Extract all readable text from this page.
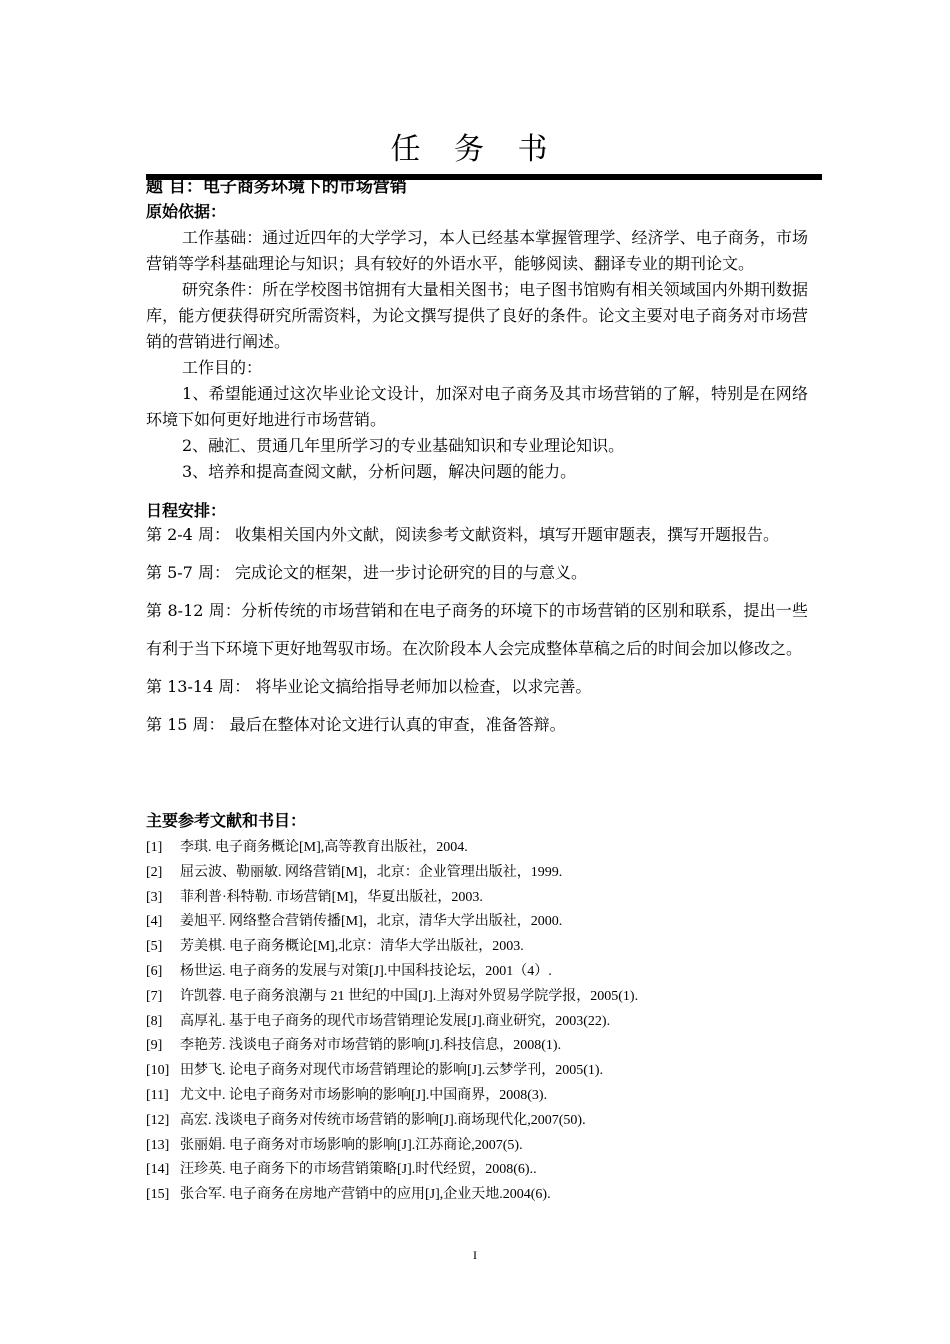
任 务 书
题 目：电子商务环境下的市场营销
原始依据：

工作基础：通过近四年的大学学习，本人已经基本掌握管理学、经济学、电子商务，市场营销等学科基础理论与知识；具有较好的外语水平，能够阅读、翻译专业的期刊论文。

研究条件：所在学校图书馆拥有大量相关图书；电子图书馆购有相关领域国内外期刊数据库，能方便获得研究所需资料，为论文撰写提供了良好的条件。论文主要对电子商务对市场营销的营销进行阐述。

工作目的：

1、希望能通过这次毕业论文设计，加深对电子商务及其市场营销的了解，特别是在网络环境下如何更好地进行市场营销。

2、融汇、贯通几年里所学习的专业基础知识和专业理论知识。

3、培养和提高查阅文献，分析问题，解决问题的能力。

日程安排：

第 2-4 周： 收集相关国内外文献，阅读参考文献资料，填写开题审题表，撰写开题报告。

第 5-7 周： 完成论文的框架，进一步讨论研究的目的与意义。

第 8-12 周：分析传统的市场营销和在电子商务的环境下的市场营销的区别和联系，提出一些有利于当下环境下更好地驾驭市场。在次阶段本人会完成整体草稿之后的时间会加以修改之。

第 13-14 周： 将毕业论文搞给指导老师加以检查，以求完善。

第 15 周： 最后在整体对论文进行认真的审查，准备答辩。

主要参考文献和书目：
[1] 李琪. 电子商务概论[M],高等教育出版社，2004.
[2] 屈云波、勒丽敏. 网络营销[M]，北京：企业管理出版社，1999.
[3] 菲利普·科特勒. 市场营销[M]，华夏出版社，2003.
[4] 姜旭平. 网络整合营销传播[M]，北京，清华大学出版社，2000.
[5] 芳美棋. 电子商务概论[M],北京：清华大学出版社，2003.
[6] 杨世运. 电子商务的发展与对策[J].中国科技论坛，2001（4）.
[7] 许凯蓉. 电子商务浪潮与 21 世纪的中国[J].上海对外贸易学院学报，2005(1).
[8] 高厚礼. 基于电子商务的现代市场营销理论发展[J].商业研究，2003(22).
[9] 李艳芳. 浅谈电子商务对市场营销的影响[J].科技信息，2008(1).
[10] 田梦飞. 论电子商务对现代市场营销理论的影响[J].云梦学刊，2005(1).
[11] 尤文中. 论电子商务对市场影响的影响[J].中国商界，2008(3).
[12] 高宏. 浅谈电子商务对传统市场营销的影响[J].商场现代化,2007(50).
[13] 张丽娟. 电子商务对市场影响的影响[J].江苏商论,2007(5).
[14] 汪珍英. 电子商务下的市场营销策略[J].时代经贸，2008(6)..
[15] 张合军. 电子商务在房地产营销中的应用[J],企业天地.2004(6).
I
